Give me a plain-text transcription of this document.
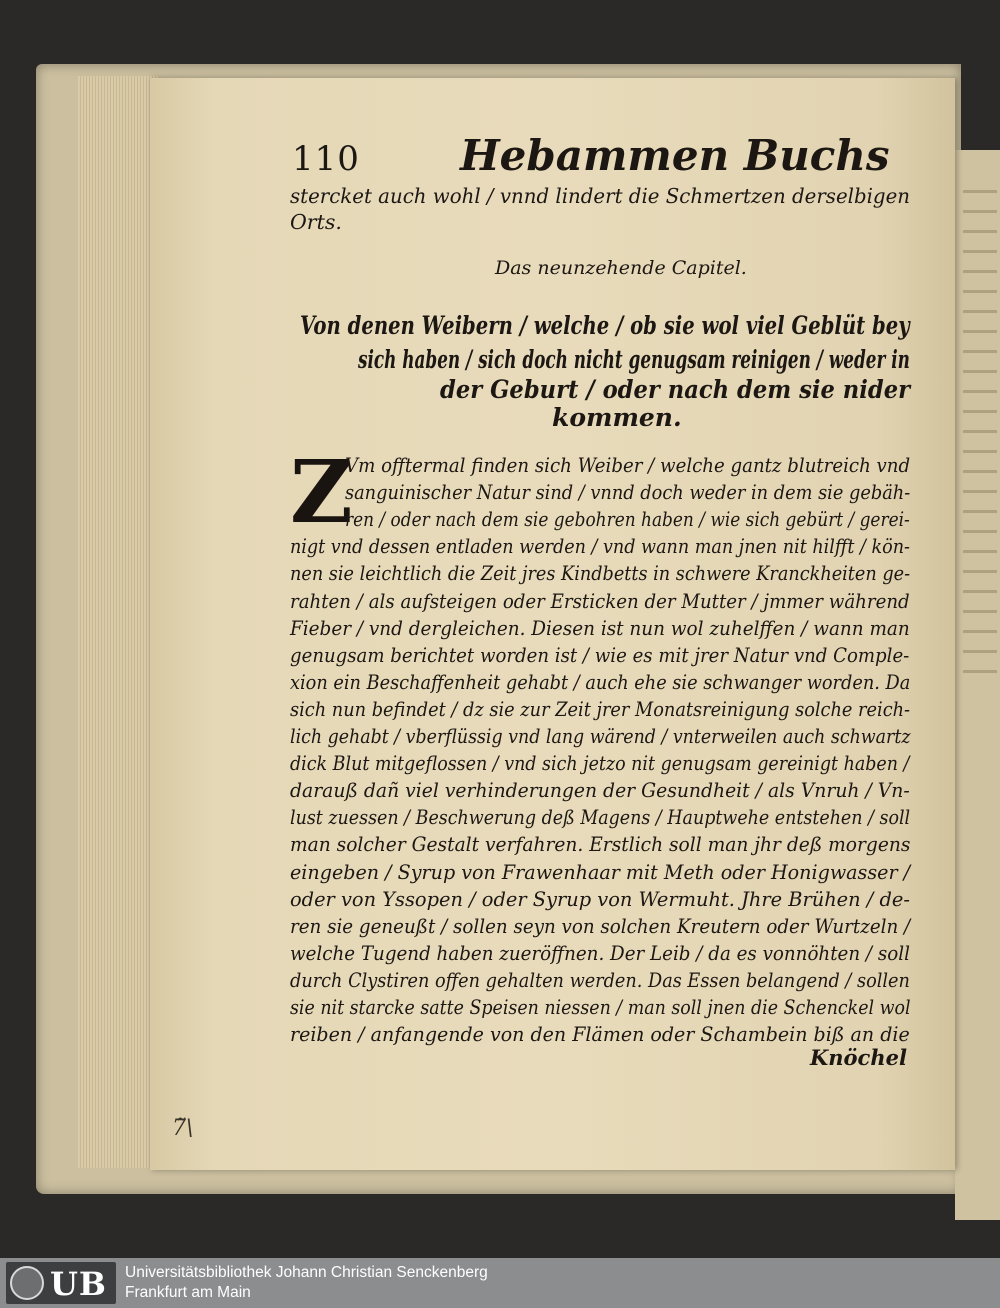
110 Hebammen Buchs
stercket auch wohl / vnnd lindert die Schmertzen derselbigen
Orts.
Das neunzehende Capitel.
Von denen Weibern / welche / ob sie wol viel Geblüt bey
sich haben / sich doch nicht genugsam reinigen / weder in
der Geburt / oder nach dem sie nider
kommen.
Z
Vm offtermal finden sich Weiber / welche gantz blutreich vnd
sanguinischer Natur sind / vnnd doch weder in dem sie gebäh-
ren / oder nach dem sie gebohren haben / wie sich gebürt / gerei-
nigt vnd dessen entladen werden / vnd wann man jnen nit hilfft / kön-
nen sie leichtlich die Zeit jres Kindbetts in schwere Kranckheiten ge-
rahten / als aufsteigen oder Ersticken der Mutter / jmmer während
Fieber / vnd dergleichen. Diesen ist nun wol zuhelffen / wann man
genugsam berichtet worden ist / wie es mit jrer Natur vnd Comple-
xion ein Beschaffenheit gehabt / auch ehe sie schwanger worden. Da
sich nun befindet / dz sie zur Zeit jrer Monatsreinigung solche reich-
lich gehabt / vberflüssig vnd lang wärend / vnterweilen auch schwartz
dick Blut mitgeflossen / vnd sich jetzo nit genugsam gereinigt haben /
darauß dañ viel verhinderungen der Gesundheit / als Vnruh / Vn-
lust zuessen / Beschwerung deß Magens / Hauptwehe entstehen / soll
man solcher Gestalt verfahren. Erstlich soll man jhr deß morgens
eingeben / Syrup von Frawenhaar mit Meth oder Honigwasser /
oder von Yssopen / oder Syrup von Wermuht. Jhre Brühen / de-
ren sie geneußt / sollen seyn von solchen Kreutern oder Wurtzeln /
welche Tugend haben zueröffnen. Der Leib / da es vonnöhten / soll
durch Clystiren offen gehalten werden. Das Essen belangend / sollen
sie nit starcke satte Speisen niessen / man soll jnen die Schenckel wol
reiben / anfangende von den Flämen oder Schambein biß an die
Knöchel
7̃\
UB Universitätsbibliothek Johann Christian Senckenberg
Frankfurt am Main
